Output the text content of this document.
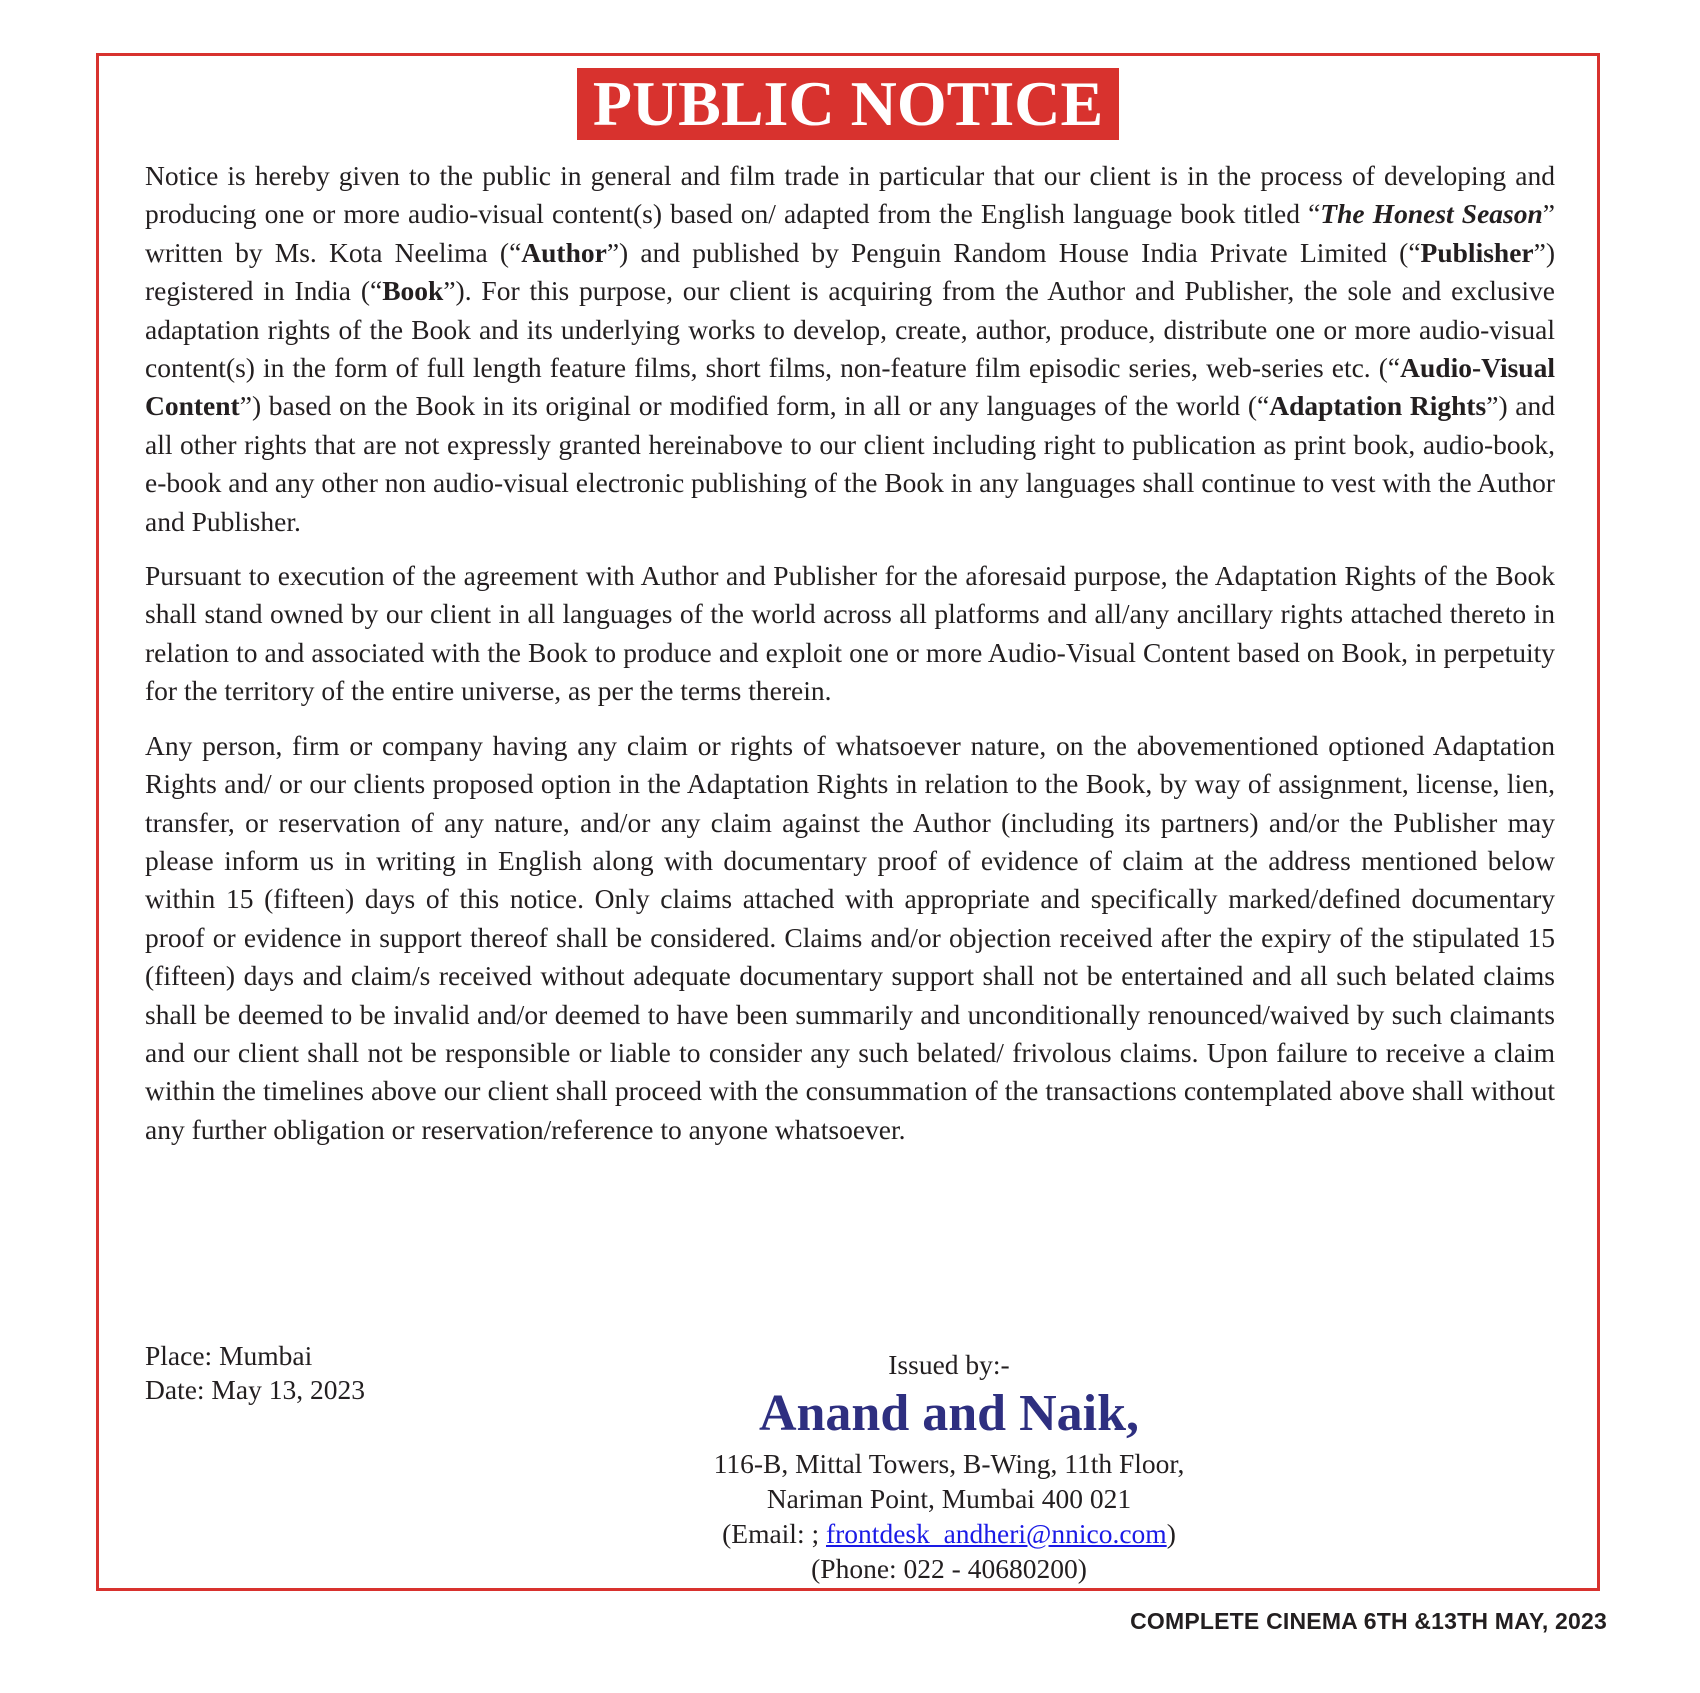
PUBLIC NOTICE

Notice is hereby given to the public in general and film trade in particular that our client is in the process of developing and producing one or more audio-visual content(s) based on/ adapted from the English language book titled “The Honest Season” written by Ms. Kota Neelima (“Author”) and published by Penguin Random House India Private Limited (“Publisher”) registered in India (“Book”). For this purpose, our client is acquiring from the Author and Publisher, the sole and exclusive adaptation rights of the Book and its underlying works to develop, create, author, produce, distribute one or more audio-visual content(s) in the form of full length feature films, short films, non-feature film episodic series, web-series etc. (“Audio-Visual Content”) based on the Book in its original or modified form, in all or any languages of the world (“Adaptation Rights”) and all other rights that are not expressly granted hereinabove to our client including right to publication as print book, audio-book, e-book and any other non audio-visual electronic publishing of the Book in any languages shall continue to vest with the Author and Publisher.

Pursuant to execution of the agreement with Author and Publisher for the aforesaid purpose, the Adaptation Rights of the Book shall stand owned by our client in all languages of the world across all platforms and all/any ancillary rights attached thereto in relation to and associated with the Book to produce and exploit one or more Audio-Visual Content based on Book, in perpetuity for the territory of the entire universe, as per the terms therein.

Any person, firm or company having any claim or rights of whatsoever nature, on the abovementioned optioned Adaptation Rights and/ or our clients proposed option in the Adaptation Rights in relation to the Book, by way of assignment, license, lien, transfer, or reservation of any nature, and/or any claim against the Author (including its partners) and/or the Publisher may please inform us in writing in English along with documentary proof of evidence of claim at the address mentioned below within 15 (fifteen) days of this notice. Only claims attached with appropriate and specifically marked/defined documentary proof or evidence in support thereof shall be considered. Claims and/or objection received after the expiry of the stipulated 15 (fifteen) days and claim/s received without adequate documentary support shall not be entertained and all such belated claims shall be deemed to be invalid and/or deemed to have been summarily and unconditionally renounced/waived by such claimants and our client shall not be responsible or liable to consider any such belated/ frivolous claims. Upon failure to receive a claim within the timelines above our client shall proceed with the consummation of the transactions contemplated above shall without any further obligation or reservation/reference to anyone whatsoever.

Place: Mumbai
Date: May 13, 2023
Issued by:-
Anand and Naik,
116-B, Mittal Towers, B-Wing, 11th Floor,
Nariman Point, Mumbai 400 021
(Email: ; frontdesk_andheri@nnico.com)
(Phone: 022 - 40680200)
COMPLETE CINEMA 6TH &13TH MAY, 2023
